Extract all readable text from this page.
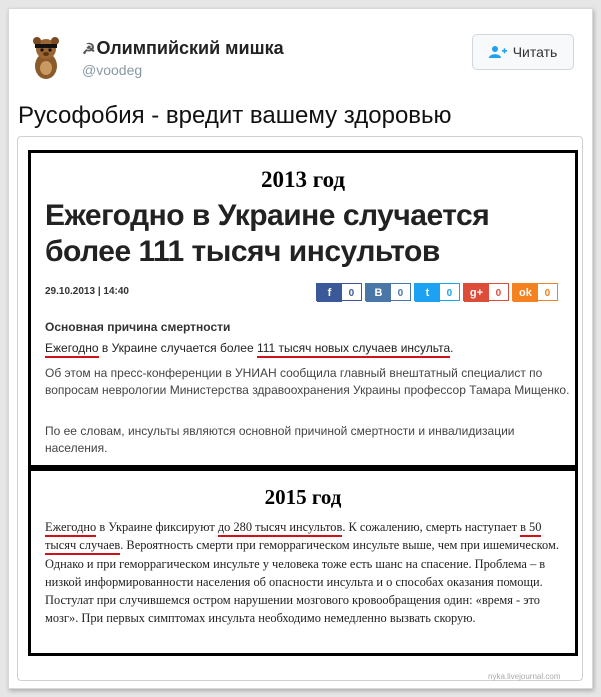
☭Олимпийский мишка
@voodeg
Читать
Русофобия - вредит вашему здоровью
2013 год
Ежегодно в Украине случается более 111 тысяч инсультов
29.10.2013 | 14:40	f	0	B	0	t	0	g+	0	ok	0
Основная причина смертности
Ежегодно в Украине случается более 111 тысяч новых случаев инсульта.
Об этом на пресс-конференции в УНИАН сообщила главный внештатный специалист по вопросам неврологии Министерства здравоохранения Украины профессор Тамара Мищенко.
По ее словам, инсульты являются основной причиной смертности и инвалидизации населения.
2015 год
Ежегодно в Украине фиксируют до 280 тысяч инсультов. К сожалению, смерть наступает в 50 тысяч случаев. Вероятность смерти при геморрагическом инсульте выше, чем при ишемическом. Однако и при геморрагическом инсульте у человека тоже есть шанс на спасение. Проблема – в низкой информированности населения об опасности инсульта и о способах оказания помощи. Постулат при случившемся остром нарушении мозгового кровообращения один: «время - это мозг». При первых симптомах инсульта необходимо немедленно вызвать скорую.
nyka.livejournal.com
